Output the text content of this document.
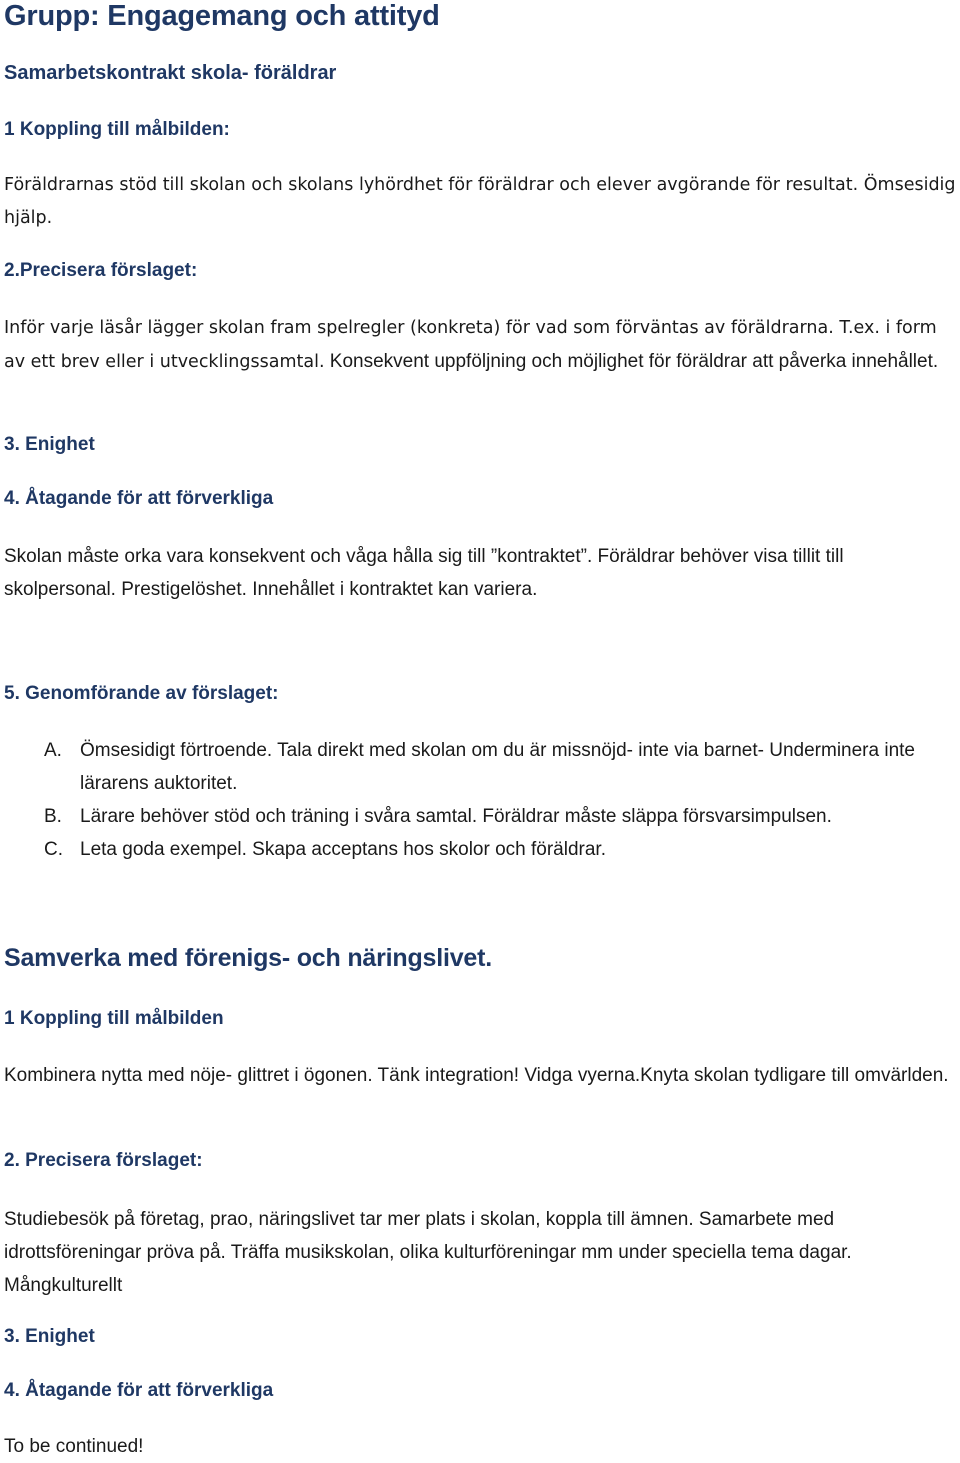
Grupp: Engagemang och attityd
Samarbetskontrakt skola- föräldrar
1 Koppling till målbilden:

Föräldrarnas stöd till skolan och skolans lyhördhet för föräldrar och elever avgörande för resultat. Ömsesidig hjälp.

2.Precisera förslaget:

Inför varje läsår lägger skolan fram spelregler (konkreta) för vad som förväntas av föräldrarna. T.ex. i form av ett brev eller i utvecklingssamtal. Konsekvent uppföljning och möjlighet för föräldrar att påverka innehållet.

3. Enighet
4. Åtagande för att förverkliga

Skolan måste orka vara konsekvent och våga hålla sig till ”kontraktet”. Föräldrar behöver visa tillit till skolpersonal. Prestigelöshet. Innehållet i kontraktet kan variera.

5. Genomförande av förslaget:
A. Ömsesidigt förtroende. Tala direkt med skolan om du är missnöjd- inte via barnet- Underminera inte lärarens auktoritet.
B. Lärare behöver stöd och träning i svåra samtal. Föräldrar måste släppa försvarsimpulsen.
C. Leta goda exempel. Skapa acceptans hos skolor och föräldrar.
Samverka med förenigs- och näringslivet.
1 Koppling till målbilden

Kombinera nytta med nöje- glittret i ögonen. Tänk integration! Vidga vyerna.Knyta skolan tydligare till omvärlden.

2. Precisera förslaget:

Studiebesök på företag, prao, näringslivet tar mer plats i skolan, koppla till ämnen. Samarbete med idrottsföreningar pröva på. Träffa musikskolan, olika kulturföreningar mm under speciella tema dagar. Mångkulturellt

3. Enighet
4. Åtagande för att förverkliga

To be continued!
